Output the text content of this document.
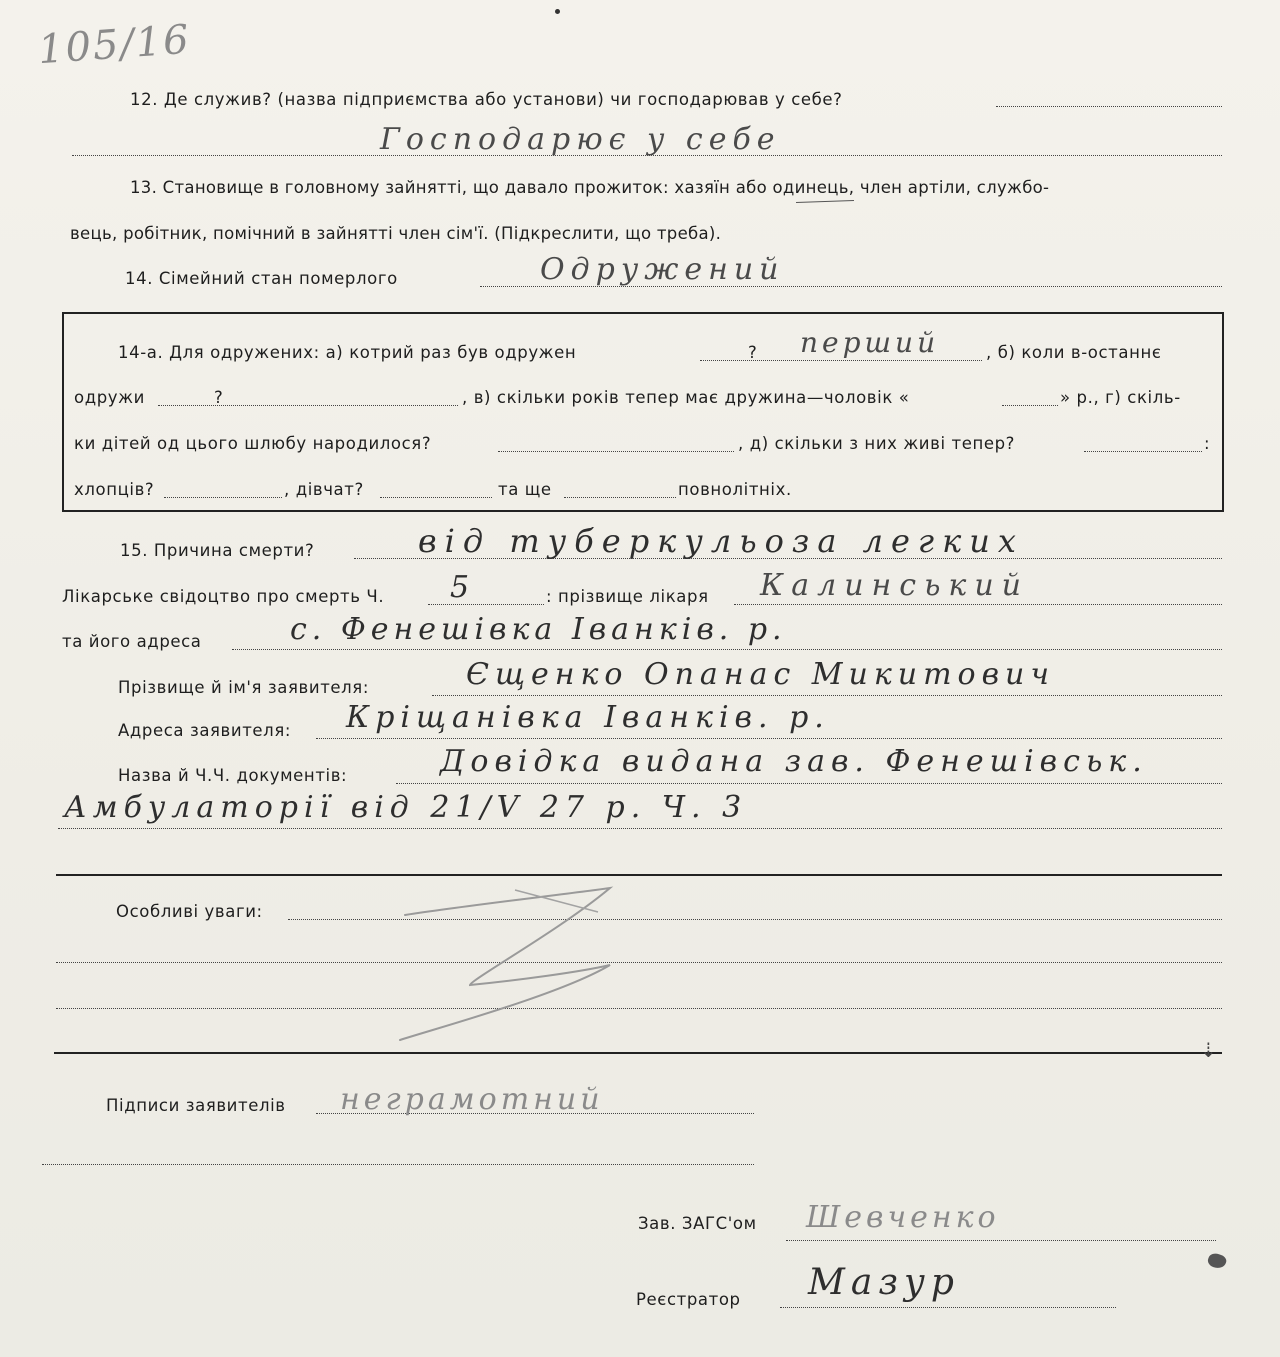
105/16
12. Де служив? (назва підприємства або установи) чи господарював у себе?
Господарює у себе
13. Становище в головному зайнятті, що давало прожиток: хазяїн або одинець, член артіли, службо-
вець, робітник, помічний в зайнятті член сім'ї. (Підкреслити, що треба).
14. Сімейний стан померлого	Одружений
14-а. Для одружених: а) котрий раз був одружен	? перший	, б) коли в-останнє
одружи	?	, в) скільки років тепер має дружина—чоловік «	» р., г) скіль-
ки дітей од цього шлюбу народилося?	, д) скільки з них живі тепер?	:
хлопців?	, дівчат?	та ще	повнолітніх.
15. Причина смерти?	від туберкульоза легких
Лікарське свідоцтво про смерть Ч. 5	: прізвище лікаря Калинський
та його адреса	с. Фенешівка Іванків. р.
Прізвище й ім'я заявителя:	Єщенко Опанас Микитович
Адреса заявителя: Кріщанівка Іванків. р.
Назва й Ч.Ч. документів:	Довідка видана зав. Фенешівськ.
Амбулаторії від 21/V 27 р. Ч. 3
Особливі уваги:
⇣
Підписи заявителів неграмотний
Зав. ЗАГС'ом Шевченко
Реєстратор Мазур
